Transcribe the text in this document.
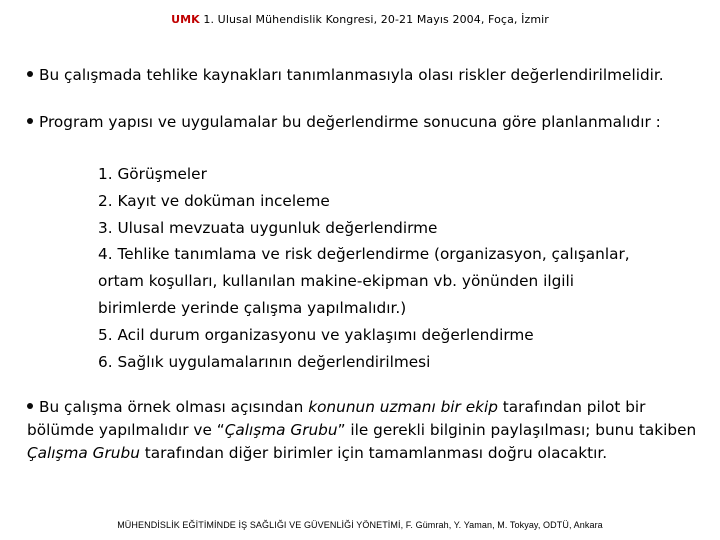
UMK 1. Ulusal Mühendislik Kongresi, 20-21 Mayıs 2004, Foça, İzmir
Bu çalışmada tehlike kaynakları tanımlanmasıyla olası riskler değerlendirilmelidir.
Program yapısı ve uygulamalar bu değerlendirme sonucuna göre planlanmalıdır :
1. Görüşmeler
2. Kayıt ve doküman inceleme
3. Ulusal mevzuata uygunluk değerlendirme
4. Tehlike tanımlama ve risk değerlendirme (organizasyon, çalışanlar,
ortam koşulları, kullanılan makine-ekipman vb. yönünden ilgili
birimlerde yerinde çalışma yapılmalıdır.)
5. Acil durum organizasyonu ve yaklaşımı değerlendirme
6. Sağlık uygulamalarının değerlendirilmesi
Bu çalışma örnek olması açısından konunun uzmanı bir ekip tarafından pilot bir bölümde yapılmalıdır ve “Çalışma Grubu” ile gerekli bilginin paylaşılması; bunu takiben Çalışma Grubu tarafından diğer birimler için tamamlanması doğru olacaktır.
MÜHENDİSLİK EĞİTİMİNDE İŞ SAĞLIĞI VE GÜVENLİĞİ YÖNETİMİ, F. Gümrah, Y. Yaman, M. Tokyay, ODTÜ, Ankara
